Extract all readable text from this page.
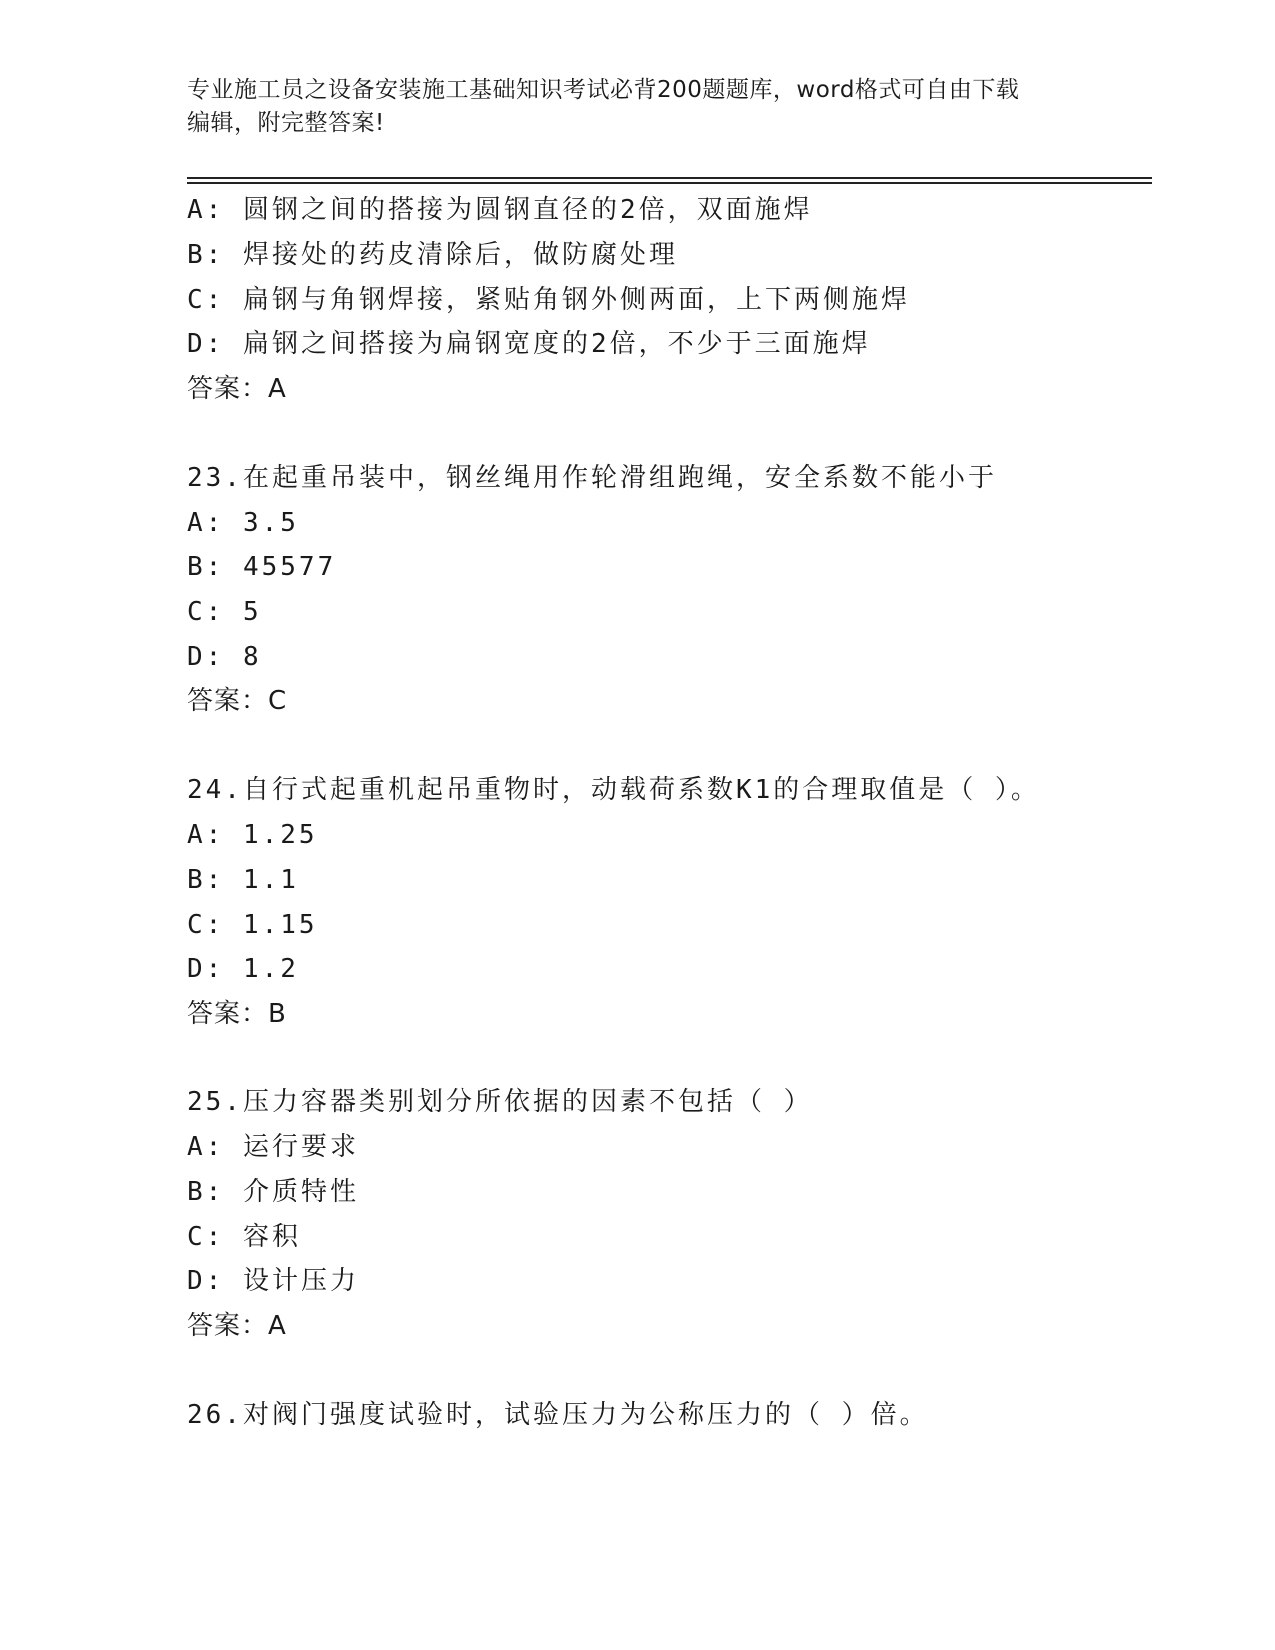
专业施工员之设备安装施工基础知识考试必背200题题库，word格式可自由下载
编辑，附完整答案!
A: 圆钢之间的搭接为圆钢直径的2倍，双面施焊
B: 焊接处的药皮清除后，做防腐处理
C: 扁钢与角钢焊接，紧贴角钢外侧两面，上下两侧施焊
D: 扁钢之间搭接为扁钢宽度的2倍，不少于三面施焊
答案：A
23.在起重吊装中，钢丝绳用作轮滑组跑绳，安全系数不能小于
A: 3.5
B: 45577
C: 5
D: 8
答案：C
24.自行式起重机起吊重物时，动载荷系数K1的合理取值是（ ）。
A: 1.25
B: 1.1
C: 1.15
D: 1.2
答案：B
25.压力容器类别划分所依据的因素不包括（ ）
A: 运行要求
B: 介质特性
C: 容积
D: 设计压力
答案：A
26.对阀门强度试验时，试验压力为公称压力的（ ）倍。
